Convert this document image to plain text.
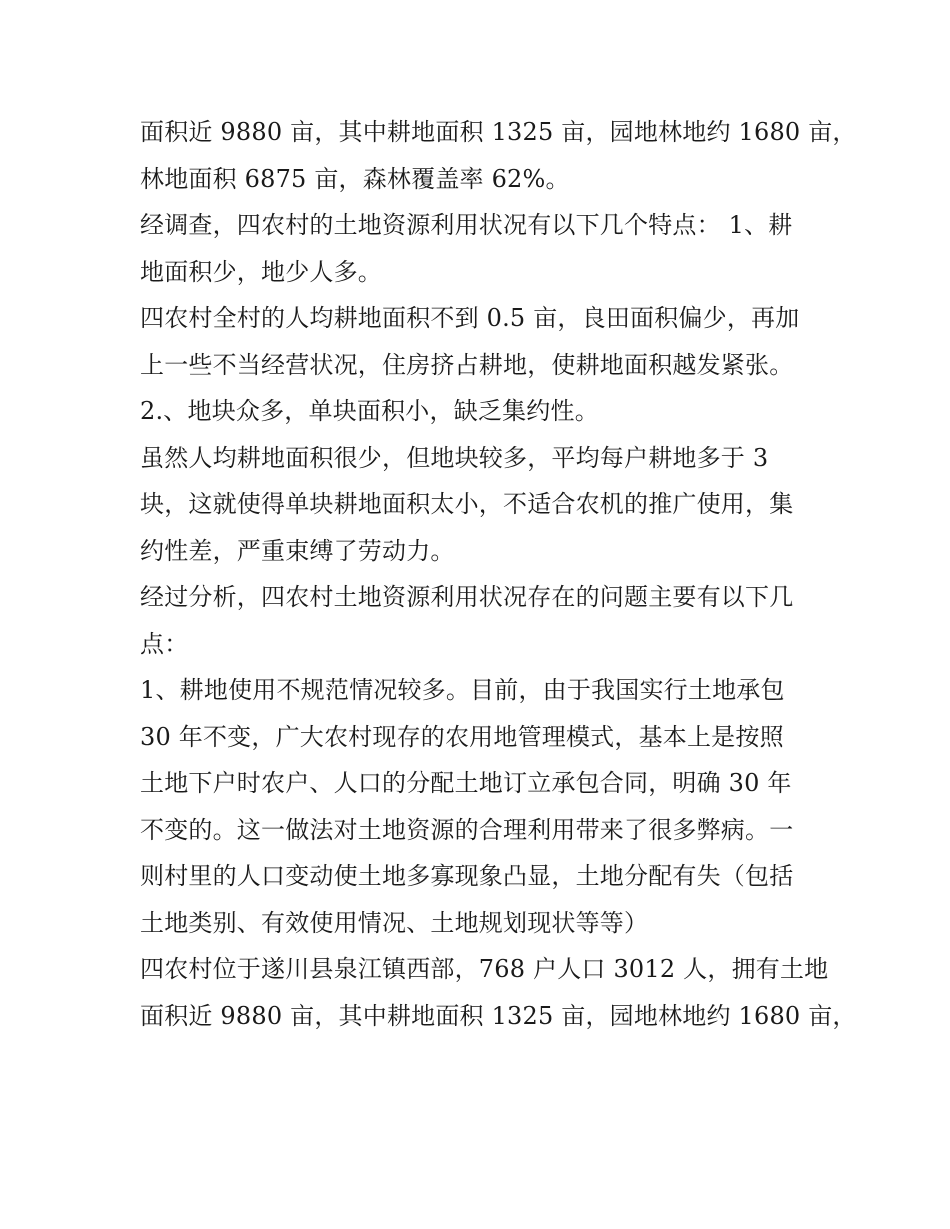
面积近 9880 亩，其中耕地面积 1325 亩，园地林地约 1680 亩，
林地面积 6875 亩，森林覆盖率 62%。
经调查，四农村的土地资源利用状况有以下几个特点： 1、耕
地面积少，地少人多。
四农村全村的人均耕地面积不到 0.5 亩，良田面积偏少，再加
上一些不当经营状况，住房挤占耕地，使耕地面积越发紧张。
2.、地块众多，单块面积小，缺乏集约性。
虽然人均耕地面积很少，但地块较多，平均每户耕地多于 3
块，这就使得单块耕地面积太小，不适合农机的推广使用，集
约性差，严重束缚了劳动力。
经过分析，四农村土地资源利用状况存在的问题主要有以下几
点：
1、耕地使用不规范情况较多。目前，由于我国实行土地承包
30 年不变，广大农村现存的农用地管理模式，基本上是按照
土地下户时农户、人口的分配土地订立承包合同，明确 30 年
不变的。这一做法对土地资源的合理利用带来了很多弊病。一
则村里的人口变动使土地多寡现象凸显，土地分配有失（包括
土地类别、有效使用情况、土地规划现状等等）
四农村位于遂川县泉江镇西部，768 户人口 3012 人，拥有土地
面积近 9880 亩，其中耕地面积 1325 亩，园地林地约 1680 亩，
